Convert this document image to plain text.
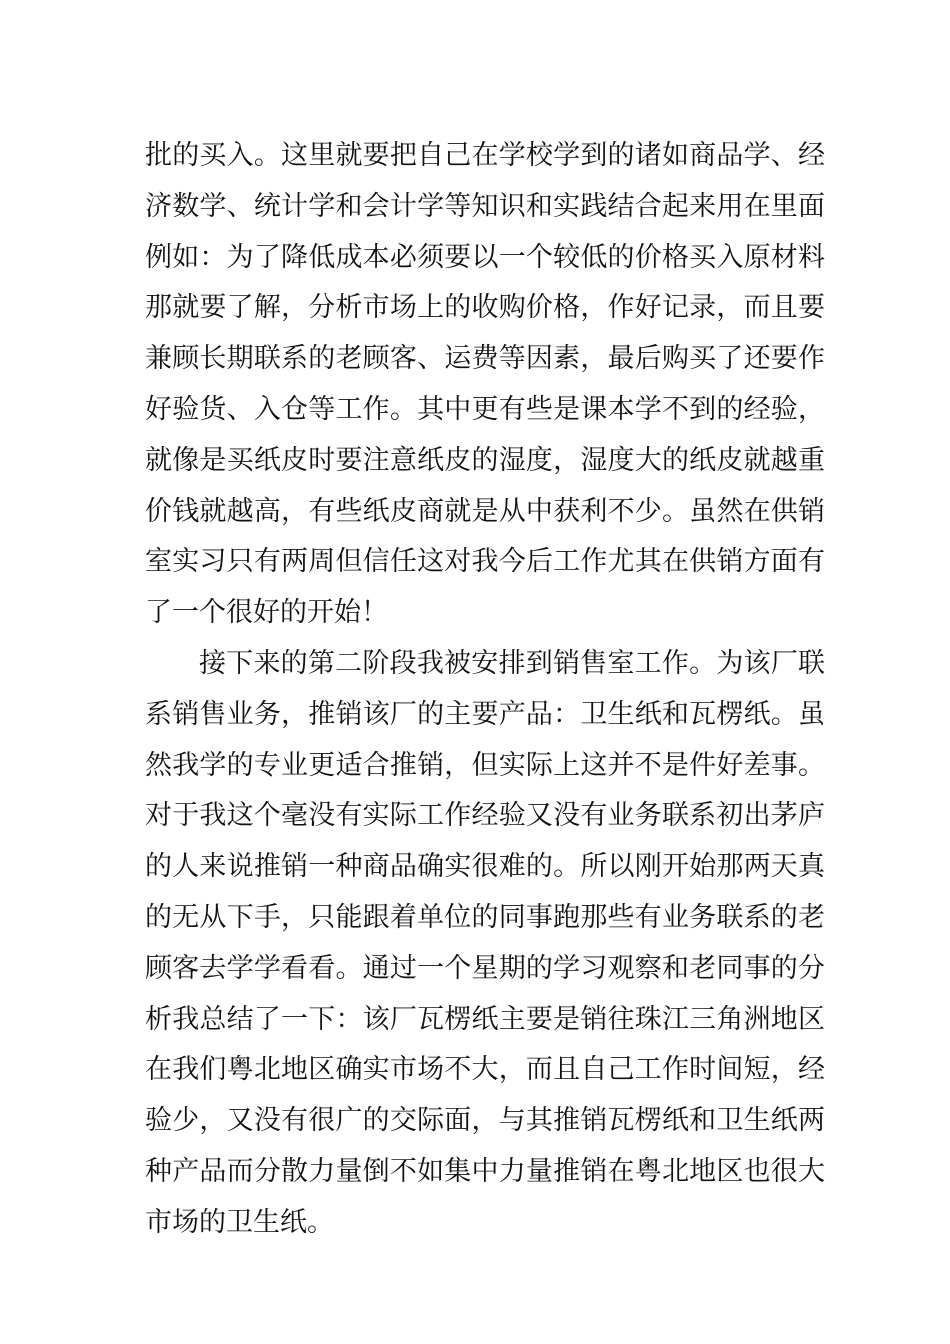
批的买入。这里就要把自己在学校学到的诸如商品学、经
济数学、统计学和会计学等知识和实践结合起来用在里面
例如：为了降低成本必须要以一个较低的价格买入原材料
那就要了解，分析市场上的收购价格，作好记录，而且要
兼顾长期联系的老顾客、运费等因素，最后购买了还要作
好验货、入仓等工作。其中更有些是课本学不到的经验，
就像是买纸皮时要注意纸皮的湿度，湿度大的纸皮就越重
价钱就越高，有些纸皮商就是从中获利不少。虽然在供销
室实习只有两周但信任这对我今后工作尤其在供销方面有
了一个很好的开始！
接下来的第二阶段我被安排到销售室工作。为该厂联
系销售业务，推销该厂的主要产品：卫生纸和瓦楞纸。虽
然我学的专业更适合推销，但实际上这并不是件好差事。
对于我这个毫没有实际工作经验又没有业务联系初出茅庐
的人来说推销一种商品确实很难的。所以刚开始那两天真
的无从下手，只能跟着单位的同事跑那些有业务联系的老
顾客去学学看看。通过一个星期的学习观察和老同事的分
析我总结了一下：该厂瓦楞纸主要是销往珠江三角洲地区
在我们粤北地区确实市场不大，而且自己工作时间短，经
验少，又没有很广的交际面，与其推销瓦楞纸和卫生纸两
种产品而分散力量倒不如集中力量推销在粤北地区也很大
市场的卫生纸。
